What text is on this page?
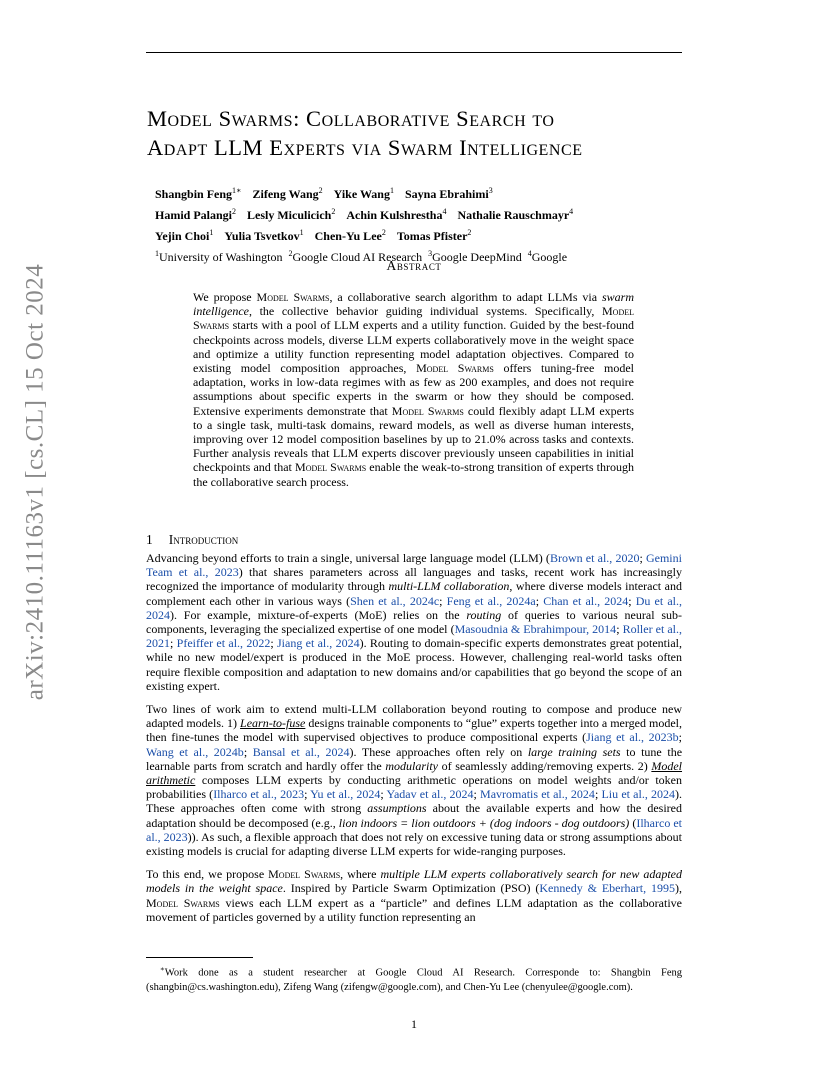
arXiv:2410.11163v1 [cs.CL] 15 Oct 2024
Model Swarms: Collaborative Search to
Adapt LLM Experts via Swarm Intelligence
Shangbin Feng$^{1∗}$ Zifeng Wang$^2$ Yike Wang$^1$ Sayna Ebrahimi$^3$
Hamid Palangi$^2$ Lesly Miculicich$^2$ Achin Kulshrestha$^4$ Nathalie Rauschmayr$^4$
Yejin Choi$^1$ Yulia Tsvetkov$^1$ Chen-Yu Lee$^2$ Tomas Pfister$^2$
$^1$University of Washington $^2$Google Cloud AI Research $^3$Google DeepMind $^4$Google
Abstract
We propose Model Swarms, a collaborative search algorithm to adapt LLMs via swarm intelligence, the collective behavior guiding individual systems. Specifically, Model Swarms starts with a pool of LLM experts and a utility function. Guided by the best-found checkpoints across models, diverse LLM experts collaboratively move in the weight space and optimize a utility function representing model adaptation objectives. Compared to existing model composition approaches, Model Swarms offers tuning-free model adaptation, works in low-data regimes with as few as 200 examples, and does not require assumptions about specific experts in the swarm or how they should be composed. Extensive experiments demonstrate that Model Swarms could flexibly adapt LLM experts to a single task, multi-task domains, reward models, as well as diverse human interests, improving over 12 model composition baselines by up to 21.0% across tasks and contexts. Further analysis reveals that LLM experts discover previously unseen capabilities in initial checkpoints and that Model Swarms enable the weak-to-strong transition of experts through the collaborative search process.
1 Introduction

Advancing beyond efforts to train a single, universal large language model (LLM) (Brown et al., 2020; Gemini Team et al., 2023) that shares parameters across all languages and tasks, recent work has increasingly recognized the importance of modularity through multi-LLM collaboration, where diverse models interact and complement each other in various ways (Shen et al., 2024c; Feng et al., 2024a; Chan et al., 2024; Du et al., 2024). For example, mixture-of-experts (MoE) relies on the routing of queries to various neural sub-components, leveraging the specialized expertise of one model (Masoudnia & Ebrahimpour, 2014; Roller et al., 2021; Pfeiffer et al., 2022; Jiang et al., 2024). Routing to domain-specific experts demonstrates great potential, while no new model/expert is produced in the MoE process. However, challenging real-world tasks often require flexible composition and adaptation to new domains and/or capabilities that go beyond the scope of an existing expert.

Two lines of work aim to extend multi-LLM collaboration beyond routing to compose and produce new adapted models. 1) Learn-to-fuse designs trainable components to “glue” experts together into a merged model, then fine-tunes the model with supervised objectives to produce compositional experts (Jiang et al., 2023b; Wang et al., 2024b; Bansal et al., 2024). These approaches often rely on large training sets to tune the learnable parts from scratch and hardly offer the modularity of seamlessly adding/removing experts. 2) Model arithmetic composes LLM experts by conducting arithmetic operations on model weights and/or token probabilities (Ilharco et al., 2023; Yu et al., 2024; Yadav et al., 2024; Mavromatis et al., 2024; Liu et al., 2024). These approaches often come with strong assumptions about the available experts and how the desired adaptation should be decomposed (e.g., lion indoors = lion outdoors + (dog indoors - dog outdoors) (Ilharco et al., 2023)). As such, a flexible approach that does not rely on excessive tuning data or strong assumptions about existing models is crucial for adapting diverse LLM experts for wide-ranging purposes.

To this end, we propose Model Swarms, where multiple LLM experts collaboratively search for new adapted models in the weight space. Inspired by Particle Swarm Optimization (PSO) (Kennedy & Eberhart, 1995), Model Swarms views each LLM expert as a “particle” and defines LLM adaptation as the collaborative movement of particles governed by a utility function representing an

∗Work done as a student researcher at Google Cloud AI Research. Corresponde to: Shangbin Feng (shangbin@cs.washington.edu), Zifeng Wang (zifengw@google.com), and Chen-Yu Lee (chenyulee@google.com).
1
